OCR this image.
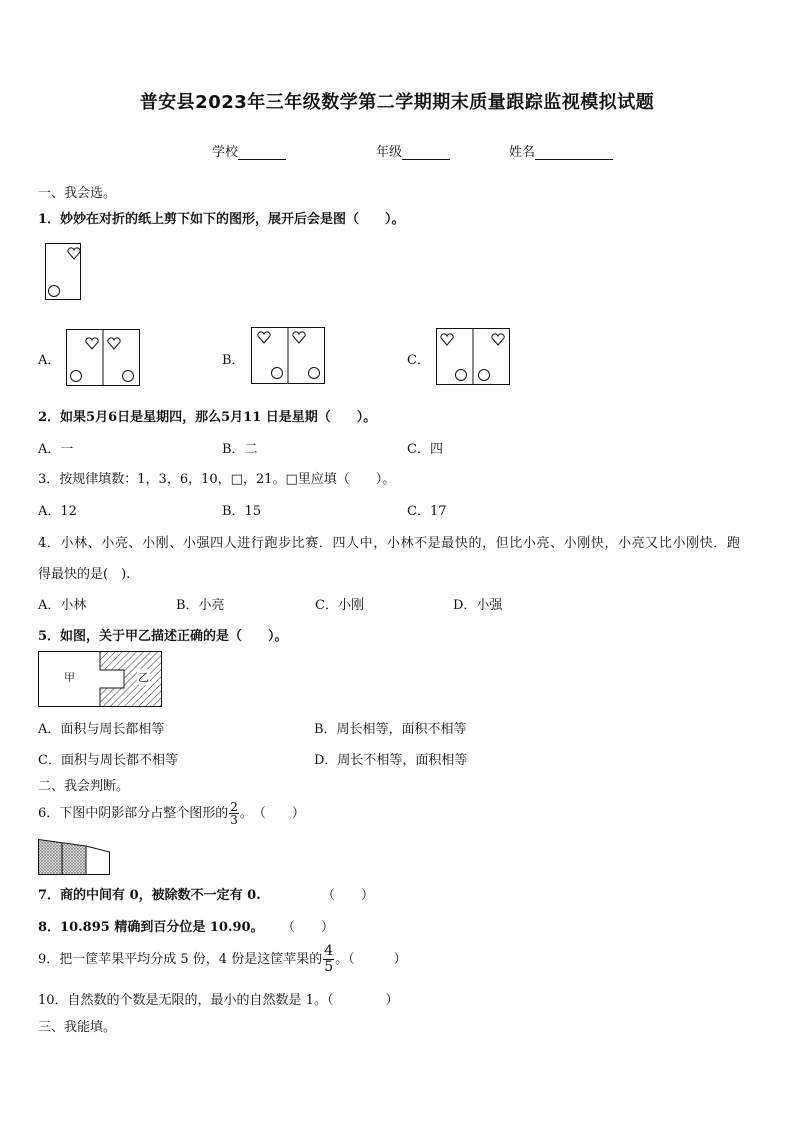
普安县2023年三年级数学第二学期期末质量跟踪监视模拟试题
学校	年级	姓名
一、我会选。
1．妙妙在对折的纸上剪下如下的图形，展开后会是图（　　）。
A．	B．	C．
2．如果5月6日是星期四，那么5月11 日是星期（　　）。
A．一	B．二	C．四
3．按规律填数：1，3，6，10，□，21。□里应填（　　）。
A．12	B．15	C．17
4．小林、小亮、小刚、小强四人进行跑步比赛．四人中，小林不是最快的，但比小亮、小刚快，小亮又比小刚快．跑
得最快的是(　).
A．小林	B．小亮	C．小刚	D．小强
5．如图，关于甲乙描述正确的是（　　）。
甲	乙
A．面积与周长都相等	B．周长相等，面积不相等
C．面积与周长都不相等	D．周长不相等，面积相等
二、我会判断。
6．下图中阴影部分占整个图形的 $\frac{2}{3}$ 。　（　　）
7．商的中间有 0，被除数不一定有 0.	（　　）
8．10.895 精确到百分位是 10.90。 （　　）
9．把一筐苹果平均分成 5 份，4 份是这筐苹果的 $\frac{4}{5}$ 。（　　　）
10．自然数的个数是无限的，最小的自然数是 1。（　　　　）
三、我能填。
